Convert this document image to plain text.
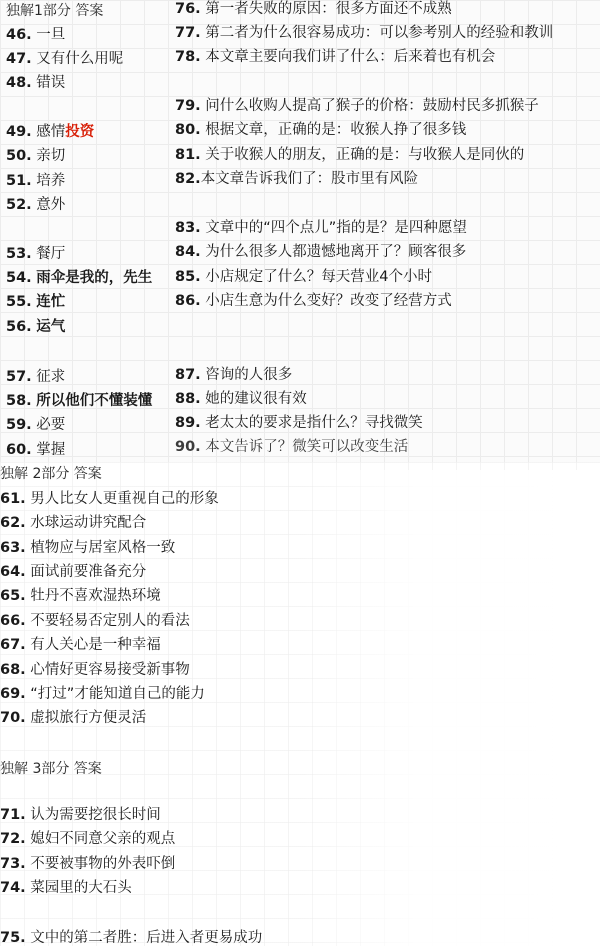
独解1部分 答案
46. 一旦
47. 又有什么用呢
48. 错误
49. 感情投资
50. 亲切
51. 培养
52. 意外
53. 餐厅
54. 雨伞是我的，先生
55. 连忙
56. 运气
57. 征求
58. 所以他们不懂装懂
59. 必要
60. 掌握
76. 第一者失败的原因：很多方面还不成熟
77. 第二者为什么很容易成功：可以参考别人的经验和教训
78. 本文章主要向我们讲了什么：后来着也有机会
79. 问什么收购人提高了猴子的价格：鼓励村民多抓猴子
80. 根据文章，正确的是：收猴人挣了很多钱
81. 关于收猴人的朋友，正确的是：与收猴人是同伙的
82.本文章告诉我们了：股市里有风险
83. 文章中的“四个点儿”指的是？是四种愿望
84. 为什么很多人都遗憾地离开了？顾客很多
85. 小店规定了什么？每天营业4个小时
86. 小店生意为什么变好？改变了经营方式
87. 咨询的人很多
88. 她的建议很有效
89. 老太太的要求是指什么？寻找微笑
90. 本文告诉了？微笑可以改变生活
独解 2部分 答案
61. 男人比女人更重视自己的形象
62. 水球运动讲究配合
63. 植物应与居室风格一致
64. 面试前要准备充分
65. 牡丹不喜欢湿热环境
66. 不要轻易否定别人的看法
67. 有人关心是一种幸福
68. 心情好更容易接受新事物
69. “打过”才能知道自己的能力
70. 虚拟旅行方便灵活
独解 3部分 答案
71. 认为需要挖很长时间
72. 媳妇不同意父亲的观点
73. 不要被事物的外表吓倒
74. 菜园里的大石头
75. 文中的第二者胜：后进入者更易成功
